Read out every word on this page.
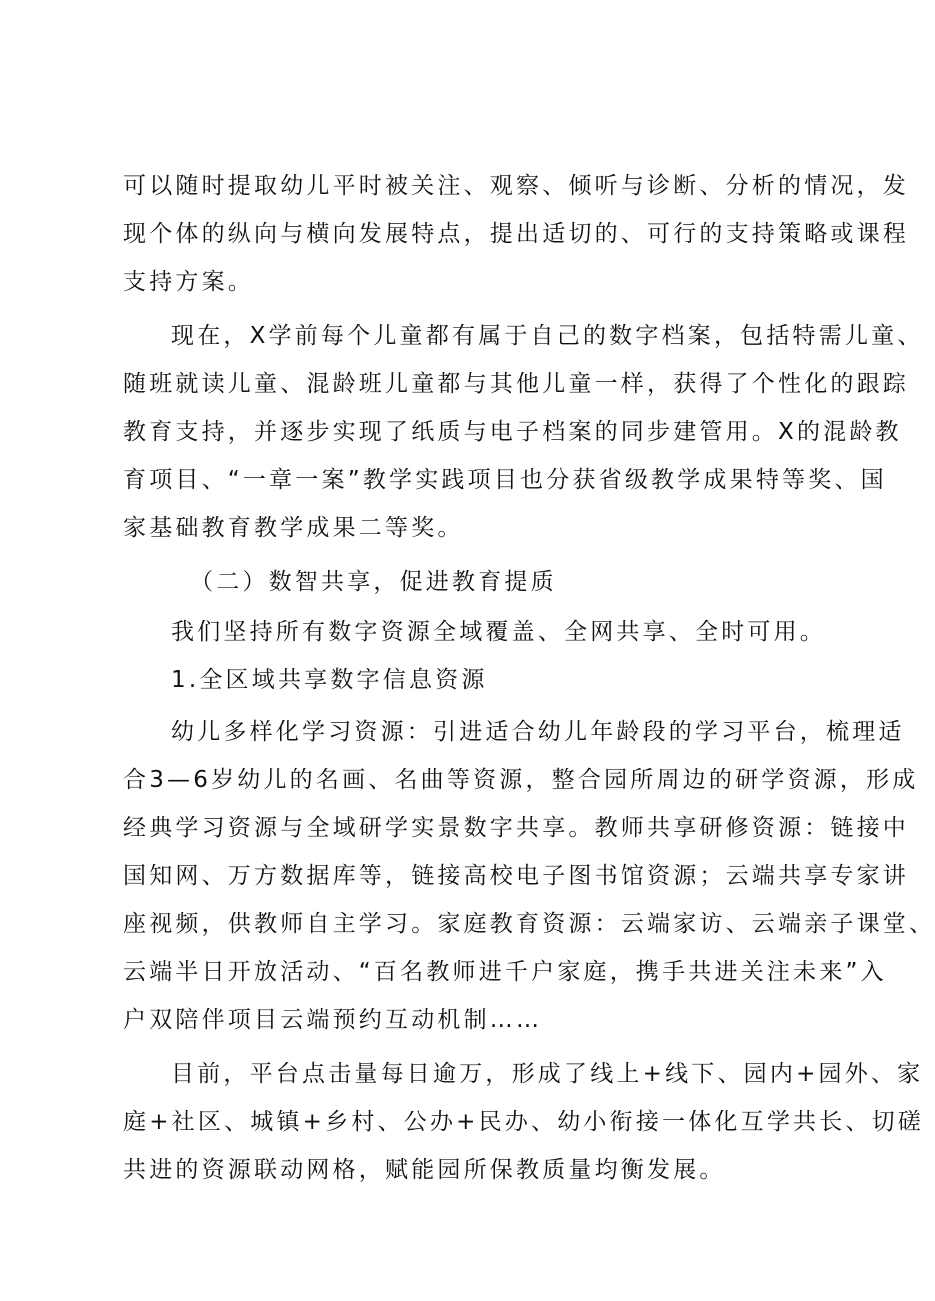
可以随时提取幼儿平时被关注、观察、倾听与诊断、分析的情况，发
现个体的纵向与横向发展特点，提出适切的、可行的支持策略或课程
支持方案。
现在，X学前每个儿童都有属于自己的数字档案，包括特需儿童、
随班就读儿童、混龄班儿童都与其他儿童一样，获得了个性化的跟踪
教育支持，并逐步实现了纸质与电子档案的同步建管用。X的混龄教
育项目、“一章一案”教学实践项目也分获省级教学成果特等奖、国
家基础教育教学成果二等奖。
（二）数智共享，促进教育提质
我们坚持所有数字资源全域覆盖、全网共享、全时可用。
1.全区域共享数字信息资源
幼儿多样化学习资源：引进适合幼儿年龄段的学习平台，梳理适
合3—6岁幼儿的名画、名曲等资源，整合园所周边的研学资源，形成
经典学习资源与全域研学实景数字共享。教师共享研修资源：链接中
国知网、万方数据库等，链接高校电子图书馆资源；云端共享专家讲
座视频，供教师自主学习。家庭教育资源：云端家访、云端亲子课堂、
云端半日开放活动、“百名教师进千户家庭，携手共进关注未来”入
户双陪伴项目云端预约互动机制……
目前，平台点击量每日逾万，形成了线上+线下、园内+园外、家
庭+社区、城镇+乡村、公办+民办、幼小衔接一体化互学共长、切磋
共进的资源联动网格，赋能园所保教质量均衡发展。
